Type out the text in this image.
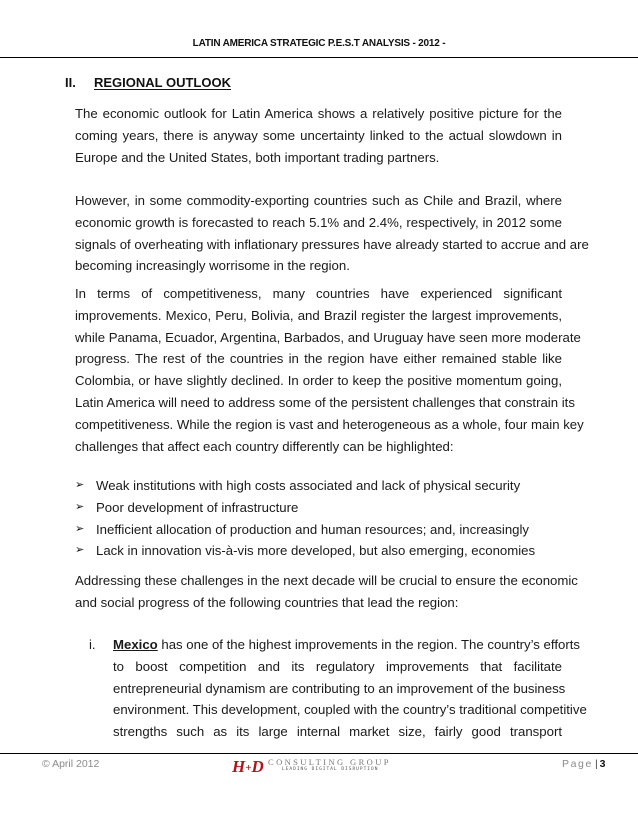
LATIN AMERICA STRATEGIC P.E.S.T ANALYSIS - 2012 -
II. REGIONAL OUTLOOK

The economic outlook for Latin America shows a relatively positive picture for the
coming years, there is anyway some uncertainty linked to the actual slowdown in
Europe and the United States, both important trading partners.

However, in some commodity-exporting countries such as Chile and Brazil, where
economic growth is forecasted to reach 5.1% and 2.4%, respectively, in 2012 some
signals of overheating with inflationary pressures have already started to accrue and are
becoming increasingly worrisome in the region.

In terms of competitiveness, many countries have experienced significant
improvements. Mexico, Peru, Bolivia, and Brazil register the largest improvements,
while Panama, Ecuador, Argentina, Barbados, and Uruguay have seen more moderate
progress. The rest of the countries in the region have either remained stable like
Colombia, or have slightly declined. In order to keep the positive momentum going,
Latin America will need to address some of the persistent challenges that constrain its
competitiveness. While the region is vast and heterogeneous as a whole, four main key
challenges that affect each country differently can be highlighted:

➢ Weak institutions with high costs associated and lack of physical security
➢ Poor development of infrastructure
➢ Inefficient allocation of production and human resources; and, increasingly
➢ Lack in innovation vis-à-vis more developed, but also emerging, economies

Addressing these challenges in the next decade will be crucial to ensure the economic
and social progress of the following countries that lead the region:

i. Mexico has one of the highest improvements in the region. The country’s efforts
to boost competition and its regulatory improvements that facilitate
entrepreneurial dynamism are contributing to an improvement of the business
environment. This development, coupled with the country’s traditional competitive
strengths such as its large internal market size, fairly good transport
© April 2012	H+D CONSULTING GROUP
LEADING DIGITAL DISRUPTION	Page | 3
